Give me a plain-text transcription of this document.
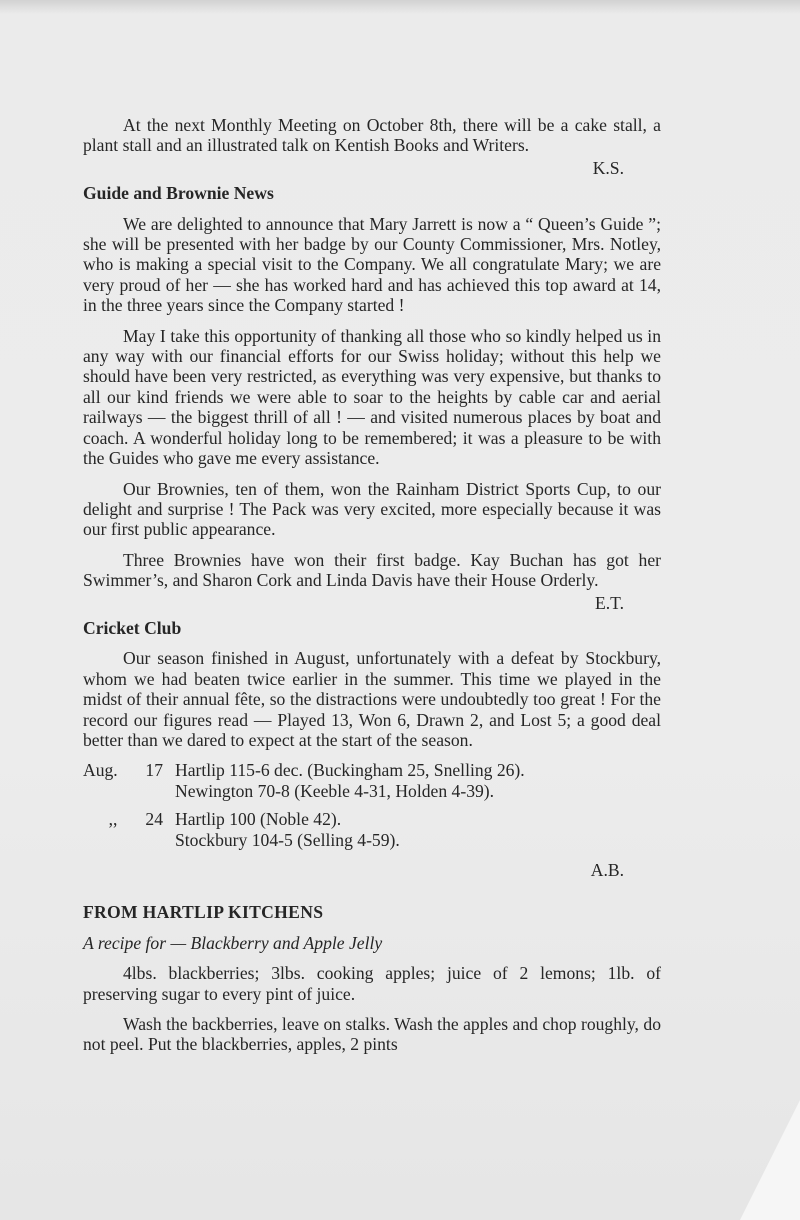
At the next Monthly Meeting on October 8th, there will be a cake stall, a plant stall and an illustrated talk on Kentish Books and Writers.

K.S.
Guide and Brownie News

We are delighted to announce that Mary Jarrett is now a “ Queen’s Guide ”; she will be presented with her badge by our County Commissioner, Mrs. Notley, who is making a special visit to the Company. We all congratulate Mary; we are very proud of her — she has worked hard and has achieved this top award at 14, in the three years since the Company started !

May I take this opportunity of thanking all those who so kindly helped us in any way with our financial efforts for our Swiss holiday; without this help we should have been very restricted, as everything was very expensive, but thanks to all our kind friends we were able to soar to the heights by cable car and aerial railways — the biggest thrill of all ! — and visited numerous places by boat and coach. A wonderful holiday long to be remembered; it was a pleasure to be with the Guides who gave me every assistance.

Our Brownies, ten of them, won the Rainham District Sports Cup, to our delight and surprise ! The Pack was very excited, more especially because it was our first public appearance.

Three Brownies have won their first badge. Kay Buchan has got her Swimmer’s, and Sharon Cork and Linda Davis have their House Orderly.

E.T.
Cricket Club

Our season finished in August, unfortunately with a defeat by Stockbury, whom we had beaten twice earlier in the summer. This time we played in the midst of their annual fête, so the distractions were undoubtedly too great ! For the record our figures read — Played 13, Won 6, Drawn 2, and Lost 5; a good deal better than we dared to expect at the start of the season.

Aug.	17 Hartlip 115-6 dec. (Buckingham 25, Snelling 26).
Newington 70-8 (Keeble 4-31, Holden 4-39).
,,	24 Hartlip 100 (Noble 42).
Stockbury 104-5 (Selling 4-59).
A.B.
FROM HARTLIP KITCHENS
A recipe for — Blackberry and Apple Jelly

4lbs. blackberries; 3lbs. cooking apples; juice of 2 lemons; 1lb. of preserving sugar to every pint of juice.

Wash the backberries, leave on stalks. Wash the apples and chop roughly, do not peel. Put the blackberries, apples, 2 pints
